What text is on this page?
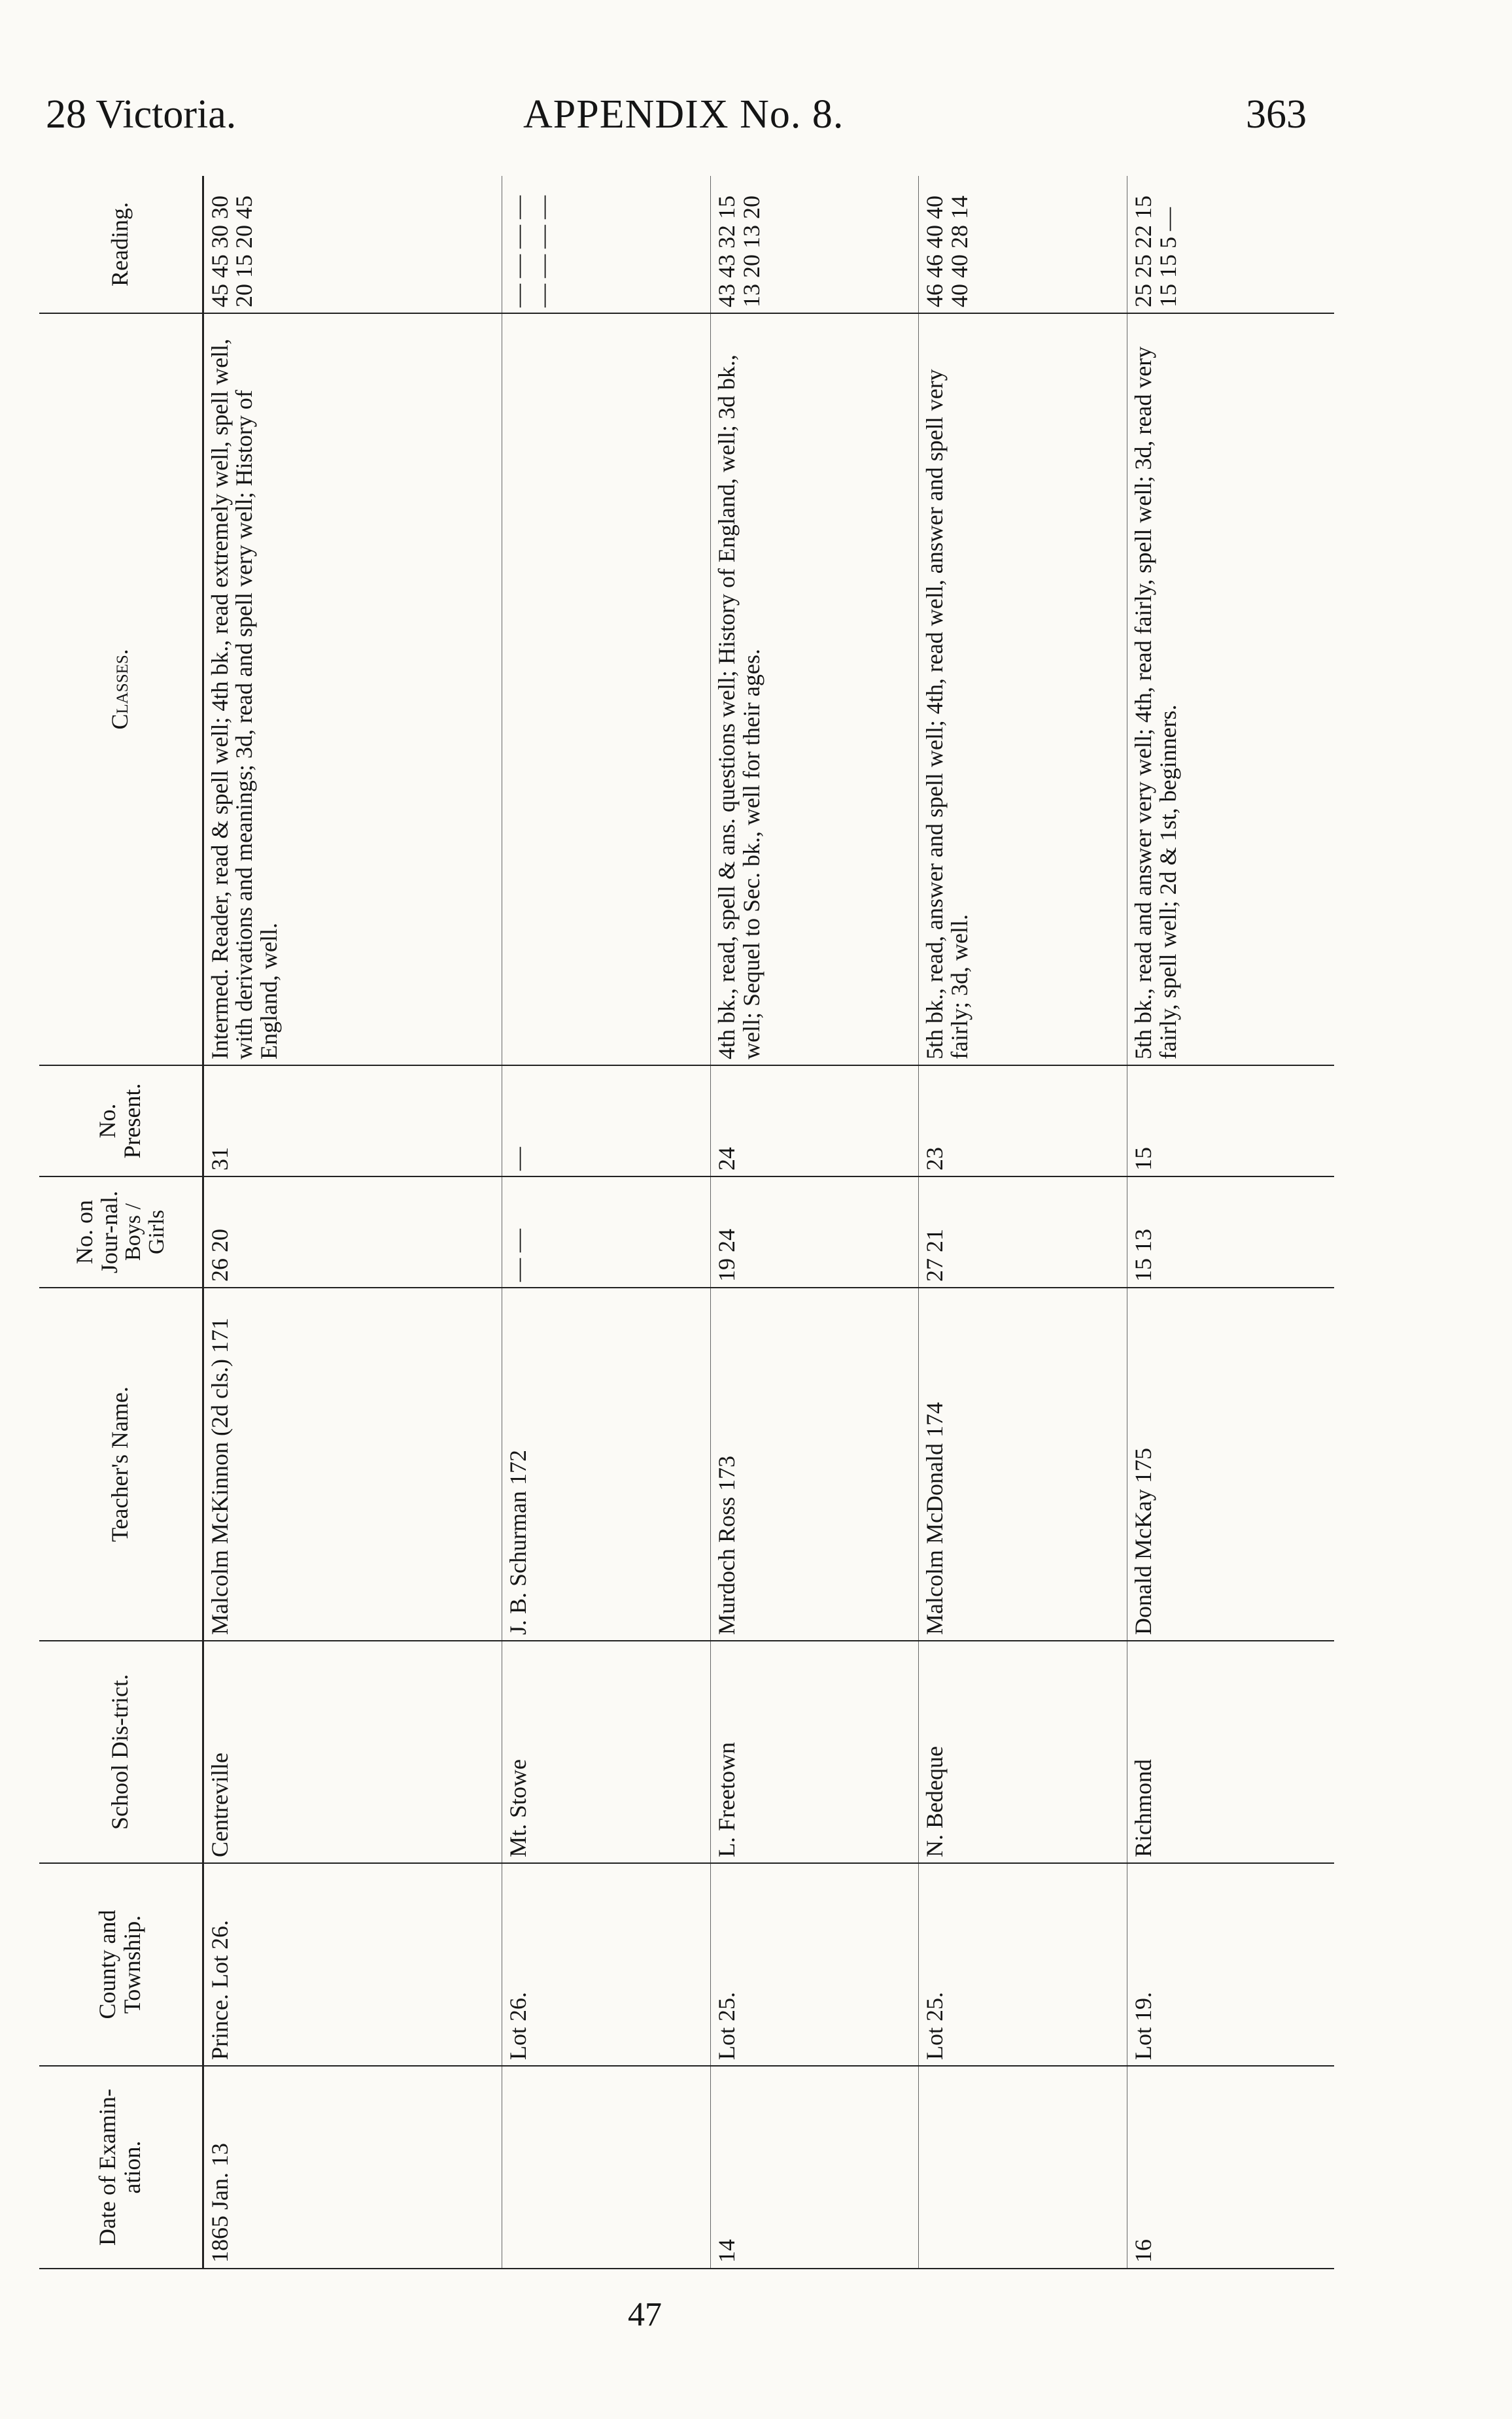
28 Victoria.	APPENDIX No. 8.	363
Date of Examin-ation.	County and Township.	School Dis-trict.	Teacher's Name.	No. on Jour-nal.
Boys / Girls	No. Present.	Classes.	Reading.

1865 Jan. 13	Prince. Lot 26.	Centreville	Malcolm McKinnon (2d cls.) 171	26 20	31	Intermed. Reader, read & spell well; 4th bk., read extremely well, spell well, with derivations and meanings; 3d, read and spell very well; History of England, well.	45 45 30 30 20 15 20 45
	Lot 26.	Mt. Stowe	J. B. Schurman 172	— —	—		— — — — — — — —
14	Lot 25.	L. Freetown	Murdoch Ross 173	19 24	24	4th bk., read, spell & ans. questions well; History of England, well; 3d bk., well; Sequel to Sec. bk., well for their ages.	43 43 32 15 13 20 13 20
	Lot 25.	N. Bedeque	Malcolm McDonald 174	27 21	23	5th bk., read, answer and spell well; 4th, read well, answer and spell very fairly; 3d, well.	46 46 40 40 40 40 28 14
16	Lot 19.	Richmond	Donald McKay 175	15 13	15	5th bk., read and answer very well; 4th, read fairly, spell well; 3d, read very fairly, spell well; 2d & 1st, beginners.	25 25 22 15 15 15 5 —
47
